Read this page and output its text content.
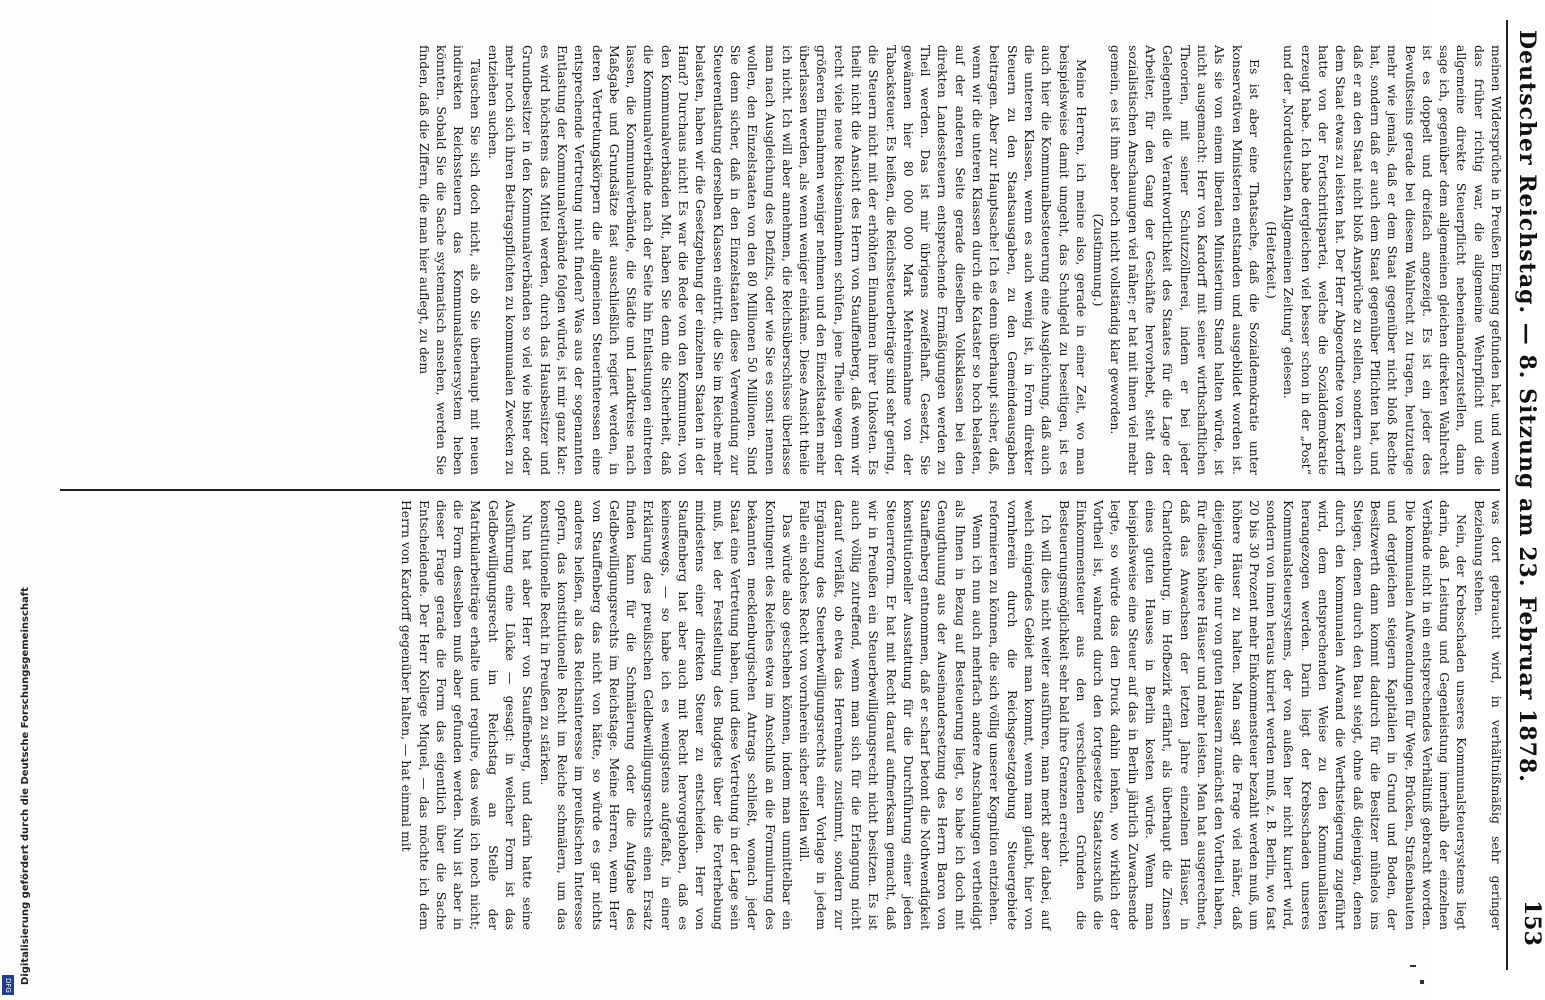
Deutscher Reichstag. — 8. Sitzung am 23. Februar 1878.
153

meinen Widersprüche in Preußen Eingang gefunden hat, und wenn das früher richtig war, die allgemeine Wehrpflicht und die allgemeine direkte Steuerpflicht nebeneinanderzustellen, dann sage ich, gegenüber dem allgemeinen gleichen direkten Wahlrecht ist es doppelt und dreifach angezeigt. Es ist ein jeder des Bewußtseins gerade bei diesem Wahlrecht zu tragen, heutzutage mehr wie jemals, daß er dem Staat gegenüber nicht bloß Rechte hat, sondern daß er auch dem Staat gegenüber Pflichten hat, und daß er an den Staat nicht bloß Ansprüche zu stellen, sondern auch dem Staat etwas zu leisten hat. Der Herr Abgeordnete von Kardorff hatte von der Fortschrittspartei, welche die Sozialdemokratie erzeugt habe. Ich habe dergleichen viel besser schon in der „Post“ und der „Norddeutschen Allgemeinen Zeitung“ gelesen.

(Heiterkeit.)

Es ist aber eine Thatsache, daß die Sozialdemokratie unter konservativen Ministerien entstanden und ausgebildet worden ist. Als sie von einem liberalen Ministerium Stand halten würde, ist nicht ausgemacht: Herr von Kardorff mit seiner wirthschaftlichen Theorien, mit seiner Schutzzöllnerei, indem er bei jeder Gelegenheit die Verantwortlichkeit des Staates für die Lage der Arbeiter, für den Gang der Geschäfte hervorhebt, steht den sozialistischen Anschauungen viel näher; er hat mit ihnen viel mehr gemein, es ist ihm aber noch nicht vollständig klar geworden.

(Zustimmung.)

Meine Herren, ich meine also, gerade in einer Zeit, wo man beispielsweise damit umgeht, das Schulgeld zu beseitigen, ist es auch hier die Kommunalbesteuerung eine Ausgleichung, daß auch die unteren Klassen, wenn es auch wenig ist, in Form direkter Steuern zu den Staatsausgaben, zu den Gemeindeausgaben beitragen. Aber zur Hauptsache! Ich es denn überhaupt sicher, daß, wenn wir die unteren Klassen durch die Kataster so hoch belasten, auf der anderen Seite gerade dieselben Volksklassen bei den direkten Landessteuern entsprechende Ermäßigungen werden zu Theil werden. Das ist mir übrigens zweifelhaft. Gesetzt, Sie gewännen hier 80 000 000 Mark Mehreinnahme von der Tabacksteuer. Es heißen, die Reichssteuerbeiträge sind sehr gering, die Steuern nicht mit der erhöhten Einnahmen ihrer Unkosten. Es theilt nicht die Ansicht des Herrn von Stauffenberg, daß wenn wir recht viele neue Reichseinnahmen schüfen, jene Theile wegen der größeren Einnahmen weniger nehmen und den Einzelstaaten mehr überlassen werden, als wenn weniger einkäme. Diese Ansicht theile ich nicht. Ich will aber annehmen, die Reichsüberschüsse überlasse man nach Ausgleichung des Defizits, oder wie Sie es sonst nennen wollen, den Einzelstaaten von den 80 Millionen 50 Millionen. Sind Sie denn sicher, daß in den Einzelstaaten diese Verwendung zur Steuerentlastung derselben Klassen eintritt, die Sie im Reiche mehr belasten, haben wir die Gesetzgebung der einzelnen Staaten in der Hand? Durchaus nicht! Es war die Rede von den Kommunen, von den Kommunalverbänden Mit, haben Sie denn die Sicherheit, daß die Kommunalverbände nach der Seite hin Entlastungen eintreten lassen, die Kommunalverbände, die Städte und Landkreise nach Maßgabe und Grundsätze fast ausschließlich regiert werden, in deren Vertretungskörpern die allgemeinen Steuerinteressen eine entsprechende Vertretung nicht finden? Was aus der sogenannten Entlastung der Kommunalverbände folgen würde, ist mir ganz klar: es wird höchstens das Mittel werden, durch das Hausbesitzer und Grundbesitzer in den Kommunalverbänden so viel wie bisher oder mehr noch sich ihren Beitragspflichten zu kommunalen Zwecken zu entziehen suchen.

Täuschen Sie sich doch nicht, als ob Sie überhaupt mit neuen indirekten Reichssteuern das Kommunalsteuersystem heben könnten. Sobald Sie die Sache systematisch ansehen, werden Sie finden, daß die Ziffern, die man hier auflegt, zu dem

was dort gebraucht wird, in verhältnißmäßig sehr geringer Beziehung stehen.

Nein, der Krebsschaden unseres Kommunalsteuersystems liegt darin, daß Leistung und Gegenleistung innerhalb der einzelnen Verbände nicht in ein entsprechendes Verhältniß gebracht worden. Die kommunalen Aufwendungen für Wege, Brücken, Straßenbauten und dergleichen steigern Kapitalien in Grund und Boden, der Besitzwerth dann kommt dadurch für die Besitzer mühelos ins Steigen, denen durch den Bau steigt, ohne daß diejenigen, denen durch den kommunalen Aufwand die Werthsteigerung zugeführt wird, dem entsprechenden Weise zu den Kommunallasten herangezogen werden. Darin liegt der Krebsschaden unseres Kommunalsteuersystems, der von außen her nicht kuriert wird, sondern von innen heraus kuriert werden muß, z. B. Berlin, wo fast 20 bis 30 Prozent mehr Einkommensteuer bezahlt werden muß, um höhere Häuser zu halten. Man sagt die Frage viel näher, daß diejenigen, die nur von guten Häusern zunächst den Vortheil haben, für dieses höhere Häuser und mehr leisten. Man hat ausgerechnet, daß das Anwachsen der letzten Jahre einzelnen Häuser, in Charlottenburg, im Hofbezirk erfährt, als überhaupt die Zinsen eines guten Hauses in Berlin kosten würde. Wenn man beispielsweise eine Steuer auf das in Berlin jährlich Zuwachsende legte, so würde das den Druck dahin lenken, wo wirklich der Vortheil ist, wahrend durch den fortgesetzte Staatszuschuß die Einkommensteuer aus den verschiedenen Gründen die Besteuerungsmöglichkeit sehr bald ihre Grenzen erreicht.

Ich will dies nicht weiter ausführen, man merkt aber dabei, auf welch einigendes Gebiet man kommt, wenn man glaubt, hier von vornherein durch die Reichsgesetzgebung Steuergebiete reformieren zu können, die sich völlig unserer Kognition entziehen.

Wenn ich nun auch mehrfach andere Anschauungen vertheidigt als Ihnen in Bezug auf Besteuerung liegt, so habe ich doch mit Genugthuung aus der Auseinandersetzung des Herrn Baron von Stauffenberg entnommen, daß er scharf betont die Nothwendigkeit konstitutioneller Ausstattung für die Durchführung einer jeden Steuerreform. Er hat mit Recht darauf aufmerksam gemacht, daß wir in Preußen ein Steuerbewilligungsrecht nicht besitzen. Es ist auch völlig zutreffend, wenn man sich für die Erlangung nicht darauf verläßt, ob etwa das Herrenhaus zustimmt, sondern zur Ergänzung des Steuerbewilligungsrechts einer Vorlage in jedem Falle ein solches Recht von vornherein sicher stellen will.

Das würde also geschehen können, indem man unmittelbar ein Kontingent des Reiches etwa im Anschluß an die Formulirung des bekannten mecklenburgischen Antrags schließt, wonach jeder Staat eine Vertretung haben, und diese Vertretung in der Lage sein muß, bei der Feststellung des Budgets über die Forterhebung mindestens einer direkten Steuer zu entscheiden. Herr von Stauffenberg hat aber auch mit Recht hervorgehoben, daß es keineswegs, — so habe ich es wenigstens aufgefaßt, in einer Erklärung des preußischen Geldbewilligungsrechts einen Ersatz finden kann für die Schmälerung oder die Aufgabe des Geldbewilligungsrechts im Reichstage. Meine Herren, wenn Herr von Stauffenberg das nicht von hätte, so würde es gar nichts anderes heißen, als das Reichsinteresse im preußischen Interesse opfern, das konstitutionelle Recht im Reiche schmälern, um das konstitutionelle Recht in Preußen zu stärken.

Nun hat aber Herr von Stauffenberg, und darin hatte seine Ausführung eine Lücke — gesagt: in welcher Form ist das Geldbewilligungsrecht im Reichstag an Stelle der Matrikularbeiträge erhalte und regulire, das weiß ich noch nicht; die Form desselben muß aber gefunden werden. Nun ist aber in dieser Frage gerade die Form das eigentlich über die Sache Entscheidende. Der Herr Kollege Miquel, — das möchte ich dem Herrn von Kardorff gegenüber halten, — hat einmal mit

Digitalisierung gefördert durch die Deutsche Forschungsgemeinschaft
DFG
